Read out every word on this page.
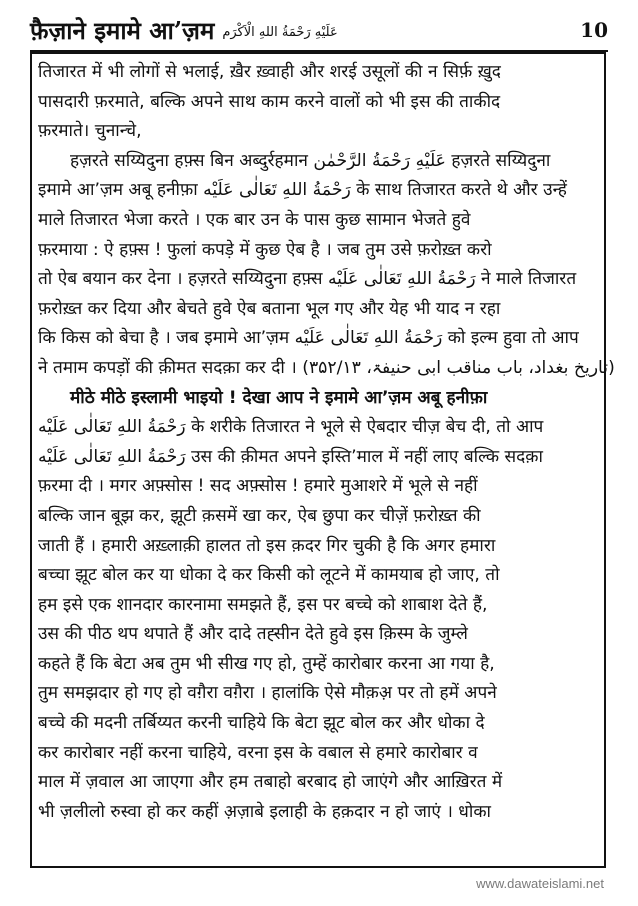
फ़ैज़ाने इमामे आ’ज़म عَلَيْهِ رَحْمَةُ اللهِ الْاَكْرَم	10
तिजारत में भी लोगों से भलाई, ख़ैर ख़्वाही और शरई उसूलों की न सिर्फ़ ख़ुद
पासदारी फ़रमाते, बल्कि अपने साथ काम करने वालों को भी इस की ताकीद
फ़रमाते। चुनान्चे,
हज़रते सय्यिदुना हफ़्स बिन अब्दुर्रहमान عَلَيْهِ رَحْمَةُ الرَّحْمٰن हज़रते सय्यिदुना
इमामे आ’ज़म अबू हनीफ़ा رَحْمَةُ اللهِ تَعَالٰی عَلَيْه के साथ तिजारत करते थे और उन्हें
माले तिजारत भेजा करते । एक बार उन के पास कुछ सामान भेजते हुवे
फ़रमाया : ऐ हफ़्स ! फुलां कपड़े में कुछ ऐब है । जब तुम उसे फ़रोख़्त करो
तो ऐब बयान कर देना । हज़रते सय्यिदुना हफ़्स رَحْمَةُ اللهِ تَعَالٰی عَلَيْه ने माले तिजारत
फ़रोख़्त कर दिया और बेचते हुवे ऐब बताना भूल गए और येह भी याद न रहा
कि किस को बेचा है । जब इमामे आ’ज़म رَحْمَةُ اللهِ تَعَالٰی عَلَيْه को इल्म हुवा तो आप
ने तमाम कपड़ों की क़ीमत सदक़ा कर दी । (تاریخ بغداد، باب مناقب ابی حنیفۃ، ۳۵۲/۱۳)
मीठे मीठे इस्लामी भाइयो ! देखा आप ने इमामे आ’ज़म अबू हनीफ़ा
رَحْمَةُ اللهِ تَعَالٰی عَلَيْه के शरीके तिजारत ने भूले से ऐबदार चीज़ बेच दी, तो आप
رَحْمَةُ اللهِ تَعَالٰی عَلَيْه उस की क़ीमत अपने इस्ति’माल में नहीं लाए बल्कि सदक़ा
फ़रमा दी । मगर अफ़्सोस ! सद अफ़्सोस ! हमारे मुआशरे में भूले से नहीं
बल्कि जान बूझ कर, झूटी क़समें खा कर, ऐब छुपा कर चीज़ें फ़रोख़्त की
जाती हैं । हमारी अख़्लाक़ी हालत तो इस क़दर गिर चुकी है कि अगर हमारा
बच्चा झूट बोल कर या धोका दे कर किसी को लूटने में कामयाब हो जाए, तो
हम इसे एक शानदार कारनामा समझते हैं, इस पर बच्चे को शाबाश देते हैं,
उस की पीठ थप थपाते हैं और दादे तह्सीन देते हुवे इस क़िस्म के जुम्ले
कहते हैं कि बेटा अब तुम भी सीख गए हो, तुम्हें कारोबार करना आ गया है,
तुम समझदार हो गए हो वग़ैरा वग़ैरा । हालांकि ऐसे मौक़अ़ पर तो हमें अपने
बच्चे की मदनी तर्बिय्यत करनी चाहिये कि बेटा झूट बोल कर और धोका दे
कर कारोबार नहीं करना चाहिये, वरना इस के वबाल से हमारे कारोबार व
माल में ज़वाल आ जाएगा और हम तबाहो बरबाद हो जाएंगे और आख़िरत में
भी ज़लीलो रुस्वा हो कर कहीं अ़ज़ाबे इलाही के हक़दार न हो जाएं । धोका
www.dawateislami.net
